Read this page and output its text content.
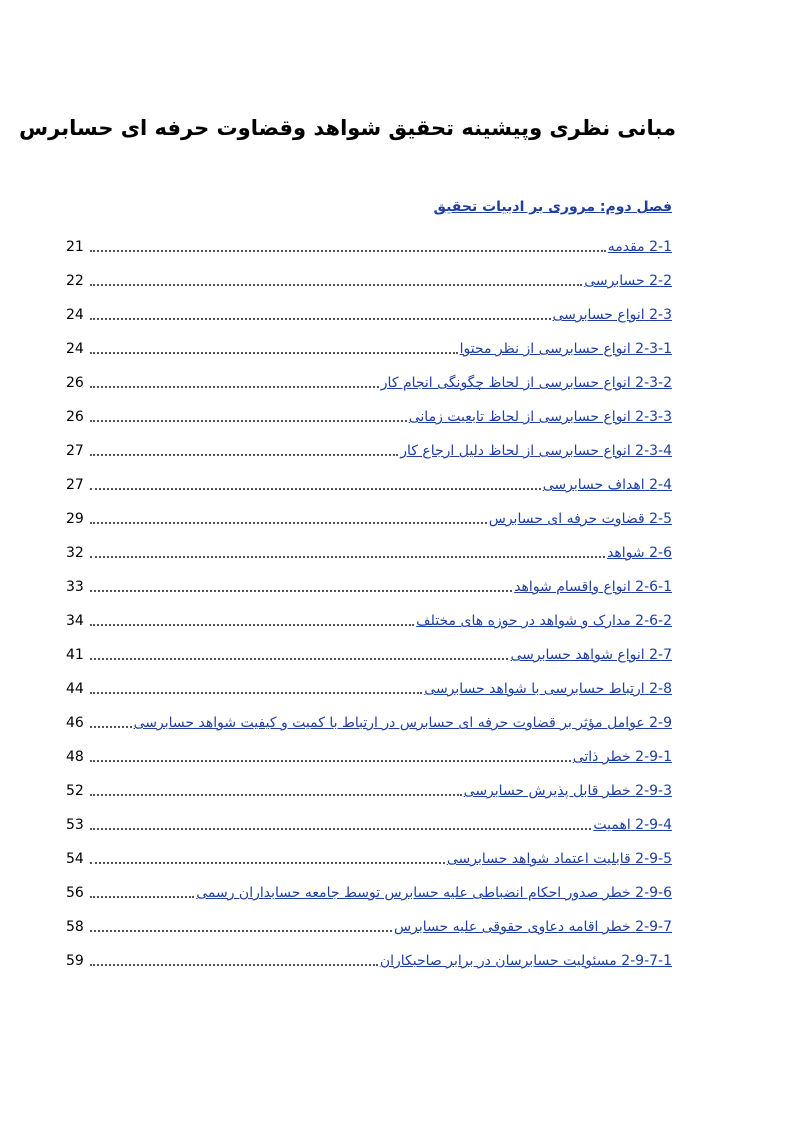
مبانی نظری وپیشینه تحقیق شواهد وقضاوت حرفه ای حسابرس
فصل دوم: مروری بر ادبیات تحقیق
2-1 مقدمه
21
2-2 حسابرسی
22
2-3 انواع حسابرسی
24
2-3-1 انواع حسابرسی از نظر محتوا
24
2-3-2 انواع حسابرسی از لحاظ چگونگی انجام کار
26
2-3-3 انواع حسابرسی از لحاظ تابعیت زمانی
26
2-3-4 انواع حسابرسی از لحاظ دلیل ارجاع کار
27
2-4 اهداف حسابرسی
27
2-5 قضاوت حرفه ای حسابرس
29
2-6 شواهد
32
2-6-1 انواع واقسام شواهد
33
2-6-2 مدارک و شواهد در حوزه های مختلف
34
2-7 انواع شواهد حسابرسی
41
2-8 ارتباط حسابرسی با شواهد حسابرسی
44
2-9 عوامل مؤثر بر قضاوت حرفه ای حسابرس در ارتباط با کمیت و کیفیت شواهد حسابرسی
46
2-9-1 خطر ذاتی
48
2-9-3 خطر قابل پذیرش حسابرسی
52
2-9-4 اهمیت
53
2-9-5 قابلیت اعتماد شواهد حسابرسی
54
2-9-6 خطر صدور احکام انضباطی علیه حسابرس توسط جامعه حسابداران رسمی
56
2-9-7 خطر اقامه دعاوی حقوقی علیه حسابرس
58
2-9-7-1 مسئولیت حسابرسان در برابر صاحبکاران
59
